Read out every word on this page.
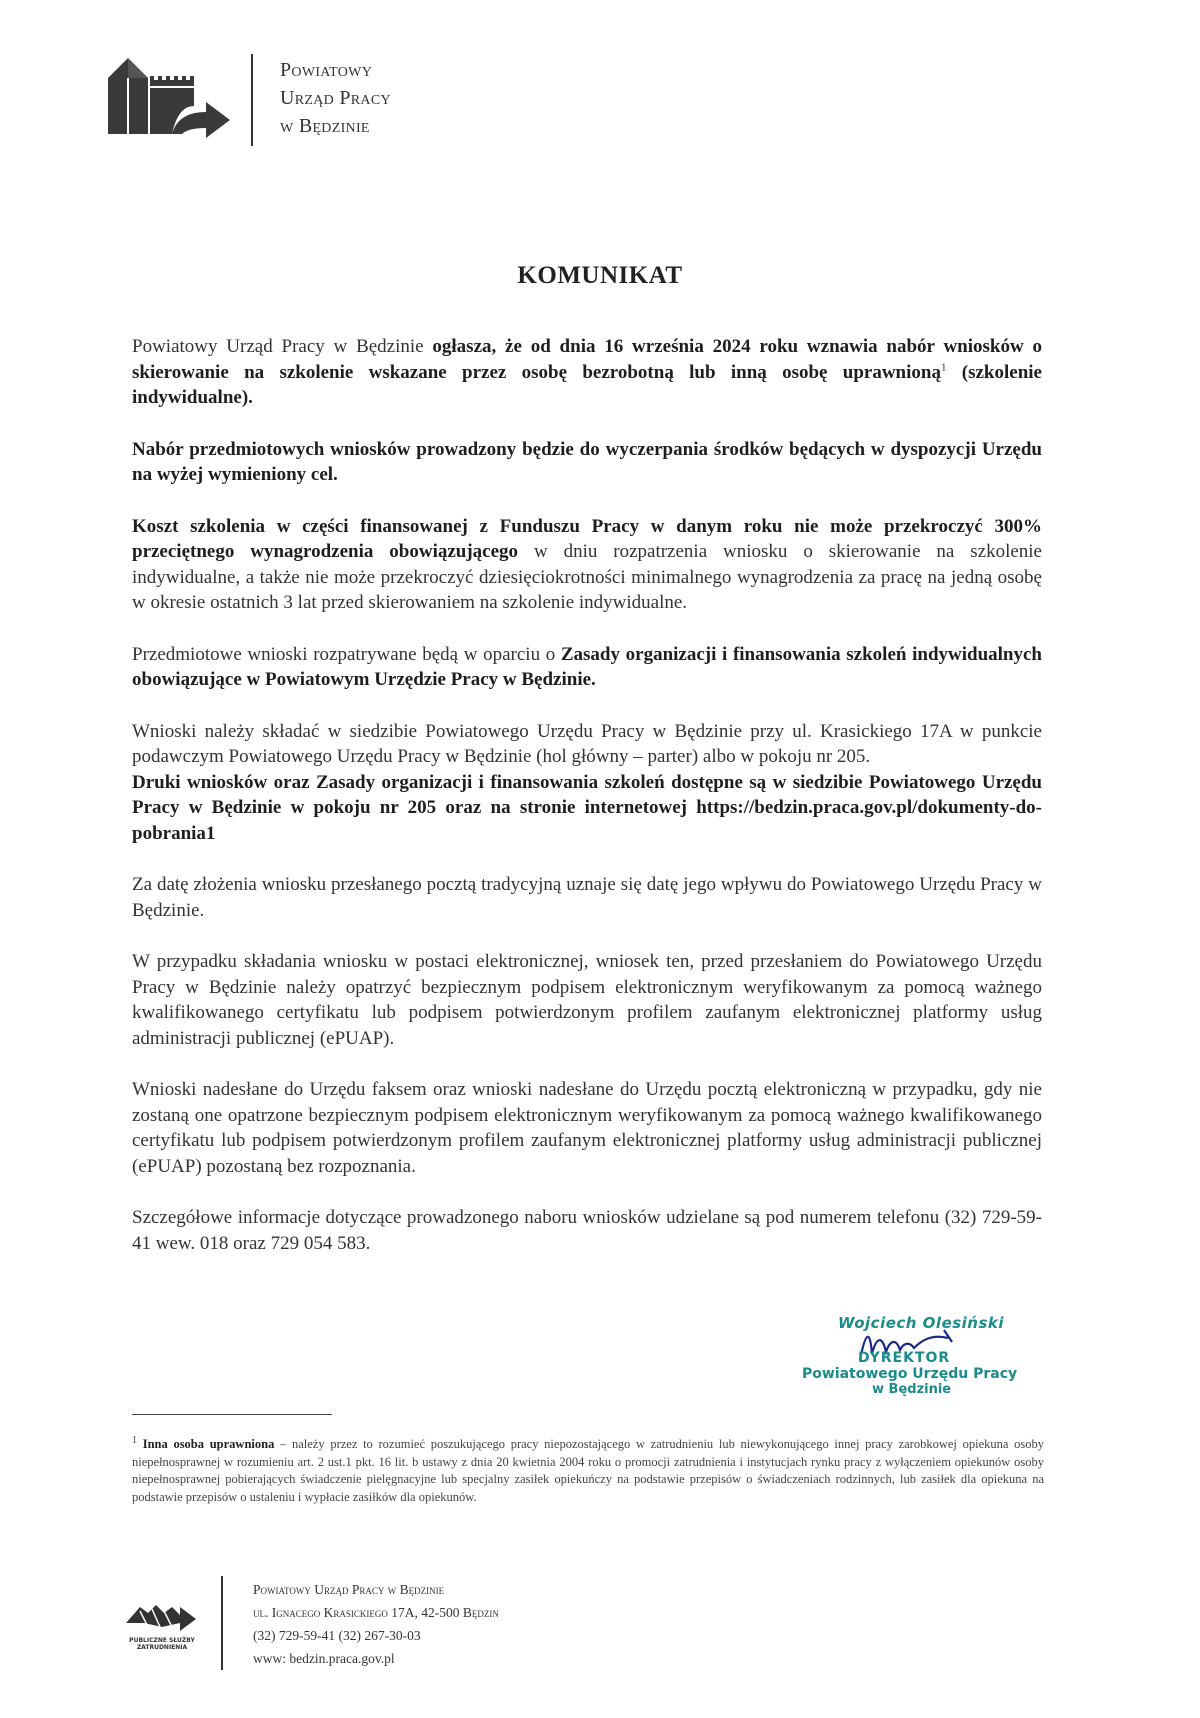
Powiatowy
Urząd Pracy
w Będzinie
KOMUNIKAT

Powiatowy Urząd Pracy w Będzinie ogłasza, że od dnia 16 września 2024 roku wznawia nabór wniosków o skierowanie na szkolenie wskazane przez osobę bezrobotną lub inną osobę uprawnioną$^1$ (szkolenie indywidualne).

Nabór przedmiotowych wniosków prowadzony będzie do wyczerpania środków będących w dyspozycji Urzędu na wyżej wymieniony cel.

Koszt szkolenia w części finansowanej z Funduszu Pracy w danym roku nie może przekroczyć 300% przeciętnego wynagrodzenia obowiązującego w dniu rozpatrzenia wniosku o skierowanie na szkolenie indywidualne, a także nie może przekroczyć dziesięciokrotności minimalnego wynagrodzenia za pracę na jedną osobę w okresie ostatnich 3 lat przed skierowaniem na szkolenie indywidualne.

Przedmiotowe wnioski rozpatrywane będą w oparciu o Zasady organizacji i finansowania szkoleń indywidualnych obowiązujące w Powiatowym Urzędzie Pracy w Będzinie.

Wnioski należy składać w siedzibie Powiatowego Urzędu Pracy w Będzinie przy ul. Krasickiego 17A w punkcie podawczym Powiatowego Urzędu Pracy w Będzinie (hol główny – parter) albo w pokoju nr 205.

Druki wniosków oraz Zasady organizacji i finansowania szkoleń dostępne są w siedzibie Powiatowego Urzędu Pracy w Będzinie w pokoju nr 205 oraz na stronie internetowej https://bedzin.praca.gov.pl/dokumenty-do-pobrania1

Za datę złożenia wniosku przesłanego pocztą tradycyjną uznaje się datę jego wpływu do Powiatowego Urzędu Pracy w Będzinie.

W przypadku składania wniosku w postaci elektronicznej, wniosek ten, przed przesłaniem do Powiatowego Urzędu Pracy w Będzinie należy opatrzyć bezpiecznym podpisem elektronicznym weryfikowanym za pomocą ważnego kwalifikowanego certyfikatu lub podpisem potwierdzonym profilem zaufanym elektronicznej platformy usług administracji publicznej (ePUAP).

Wnioski nadesłane do Urzędu faksem oraz wnioski nadesłane do Urzędu pocztą elektroniczną w przypadku, gdy nie zostaną one opatrzone bezpiecznym podpisem elektronicznym weryfikowanym za pomocą ważnego kwalifikowanego certyfikatu lub podpisem potwierdzonym profilem zaufanym elektronicznej platformy usług administracji publicznej (ePUAP) pozostaną bez rozpoznania.

Szczegółowe informacje dotyczące prowadzonego naboru wniosków udzielane są pod numerem telefonu (32) 729-59-41 wew. 018 oraz 729 054 583.

Wojciech Olesiński
DYREKTOR
Powiatowego Urzędu Pracy
w Będzinie
$^1$ Inna osoba uprawniona – należy przez to rozumieć poszukującego pracy niepozostającego w zatrudnieniu lub niewykonującego innej pracy zarobkowej opiekuna osoby niepełnosprawnej w rozumieniu art. 2 ust.1 pkt. 16 lit. b ustawy z dnia 20 kwietnia 2004 roku o promocji zatrudnienia i instytucjach rynku pracy z wyłączeniem opiekunów osoby niepełnosprawnej pobierających świadczenie pielęgnacyjne lub specjalny zasiłek opiekuńczy na podstawie przepisów o świadczeniach rodzinnych, lub zasiłek dla opiekuna na podstawie przepisów o ustaleniu i wypłacie zasiłków dla opiekunów.
PUBLICZNE SŁUŻBY
ZATRUDNIENIA
Powiatowy Urząd Pracy w Będzinie
ul. Ignacego Krasickiego 17A, 42-500 Będzin
(32) 729-59-41 (32) 267-30-03
www: bedzin.praca.gov.pl
